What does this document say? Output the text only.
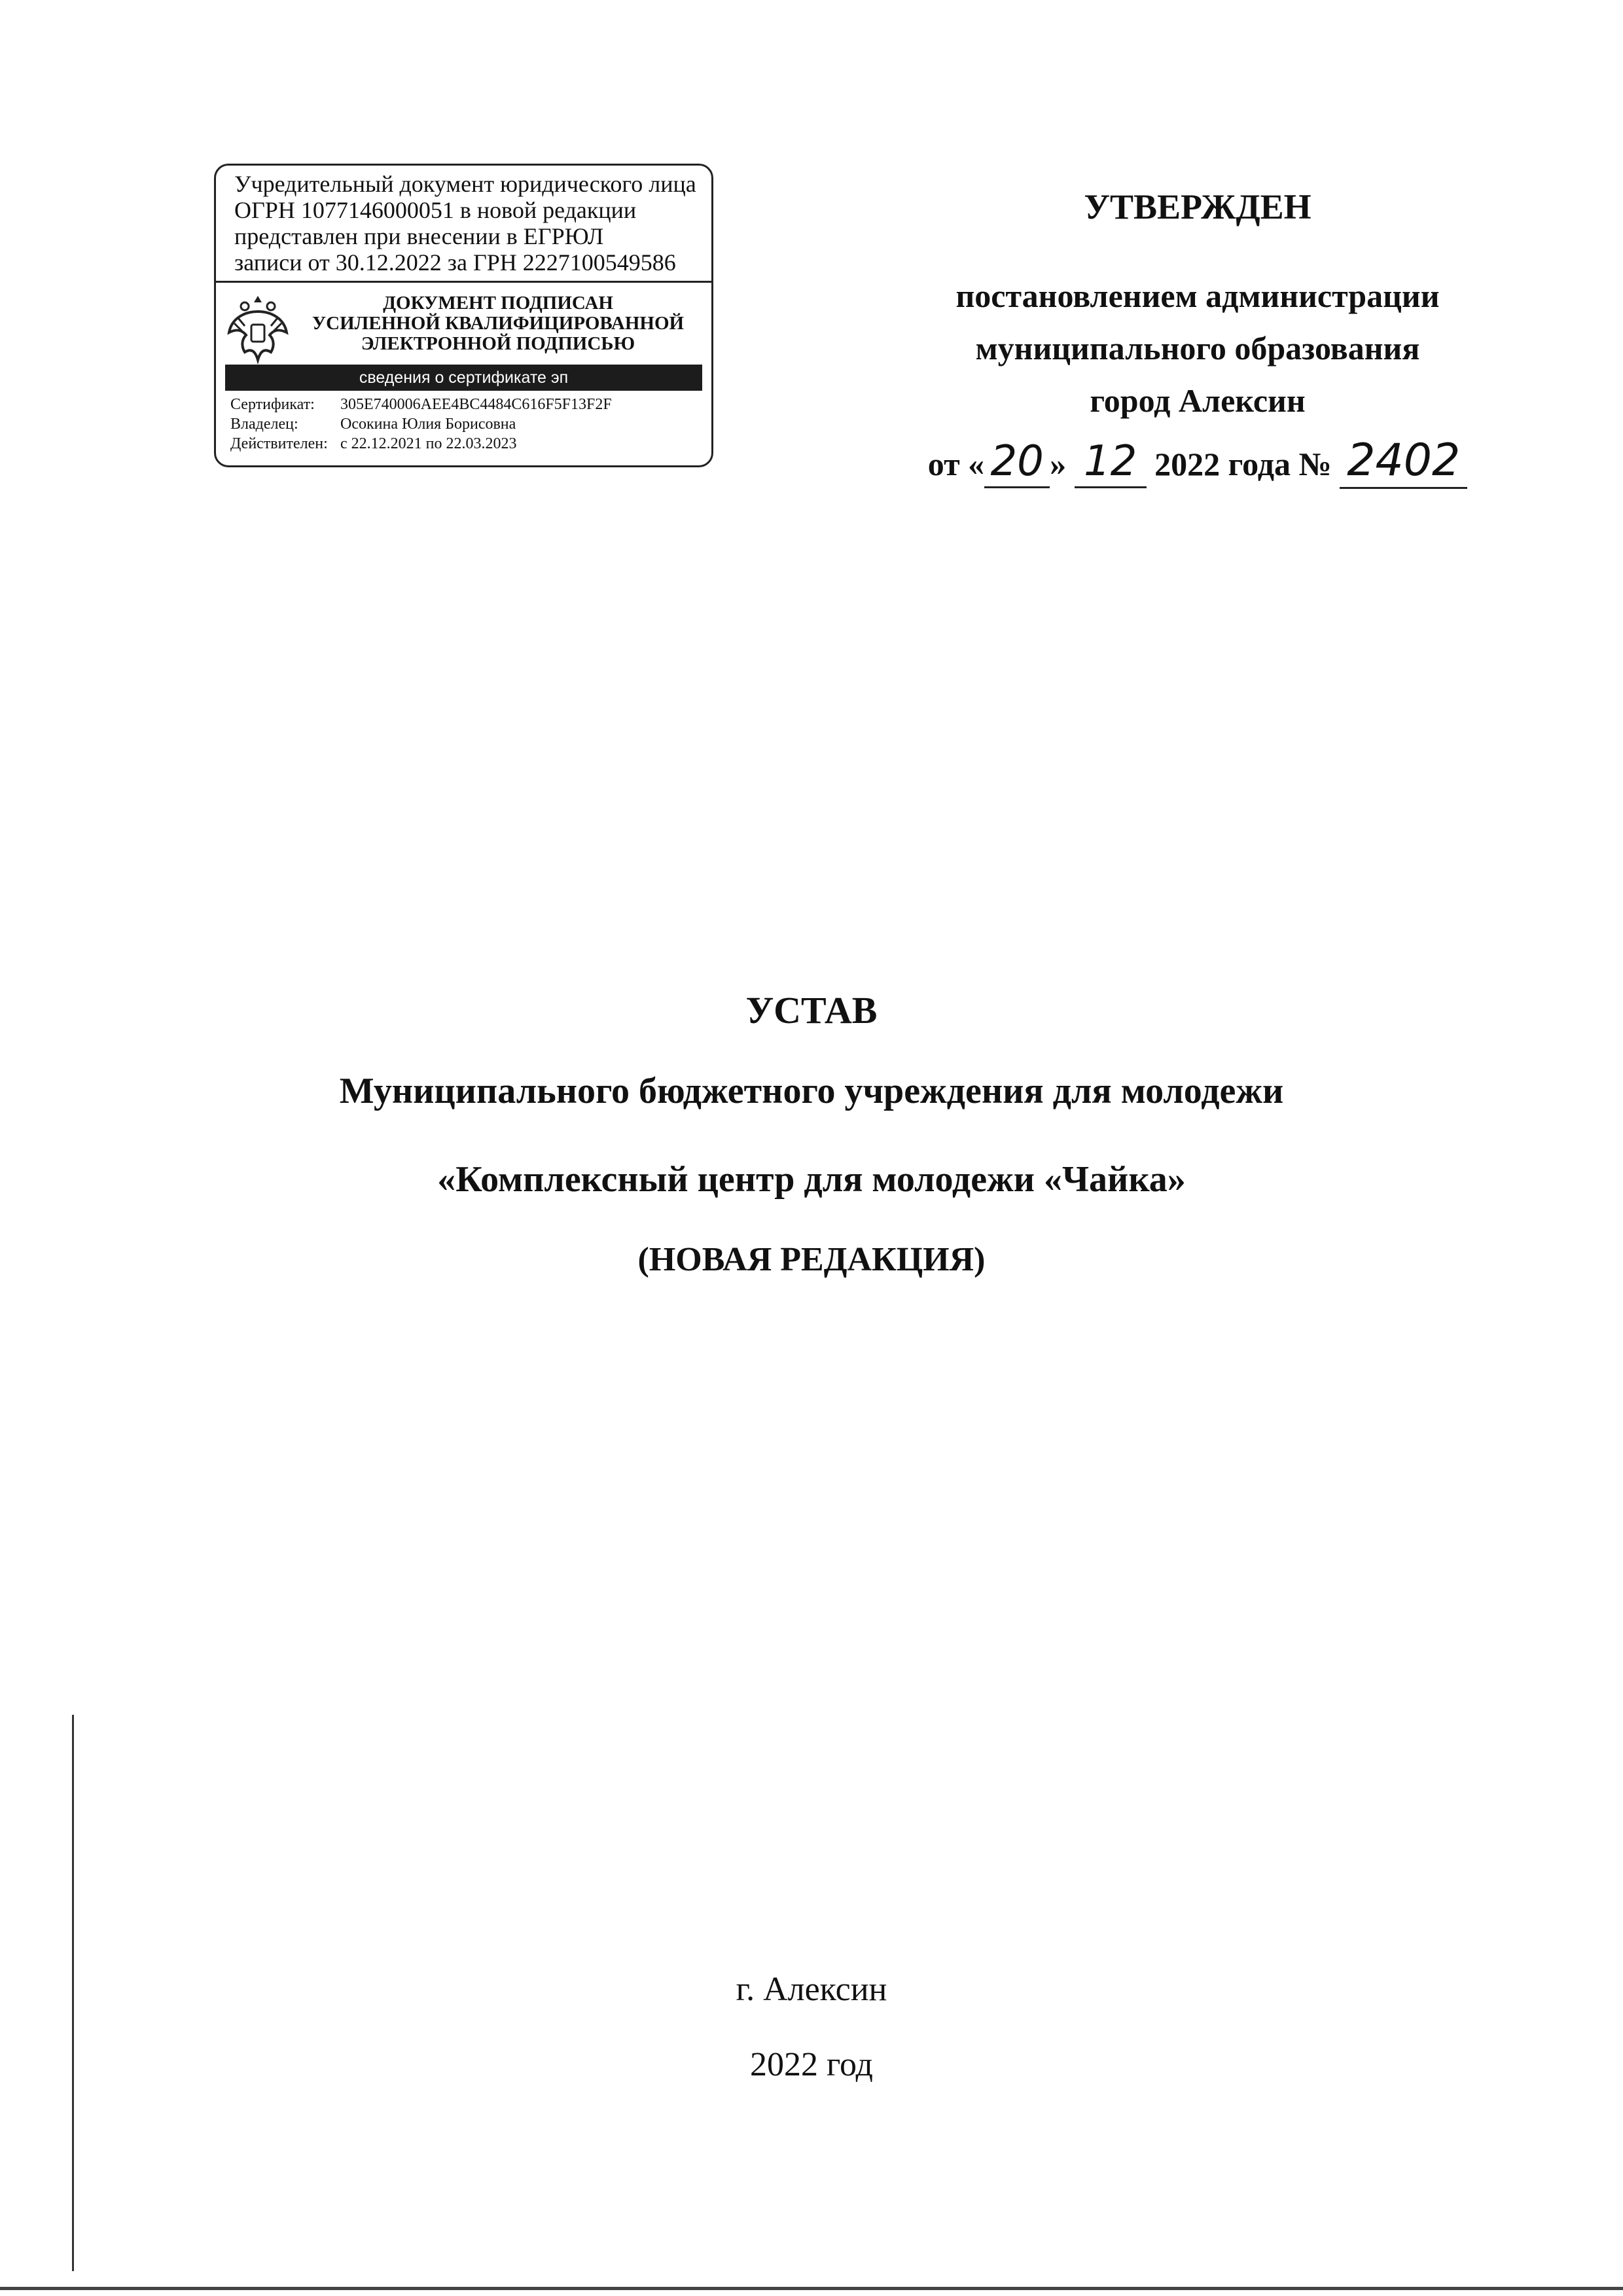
Учредительный документ юридического лица
ОГРН 1077146000051 в новой редакции
представлен при внесении в ЕГРЮЛ
записи от 30.12.2022 за ГРН 2227100549586
ДОКУМЕНТ ПОДПИСАН
УСИЛЕННОЙ КВАЛИФИЦИРОВАННОЙ
ЭЛЕКТРОННОЙ ПОДПИСЬЮ
сведения о сертификате эп
Сертификат:	305E740006AEE4BC4484C616F5F13F2F
Владелец:	Осокина Юлия Борисовна
Действителен: с 22.12.2021 по 22.03.2023
УТВЕРЖДЕН
постановлением администрации
муниципального образования
город Алексин
от « 20 » 12 2022 года № 2402
УСТАВ
Муниципального бюджетного учреждения для молодежи
«Комплексный центр для молодежи «Чайка»
(НОВАЯ РЕДАКЦИЯ)
г. Алексин
2022 год
